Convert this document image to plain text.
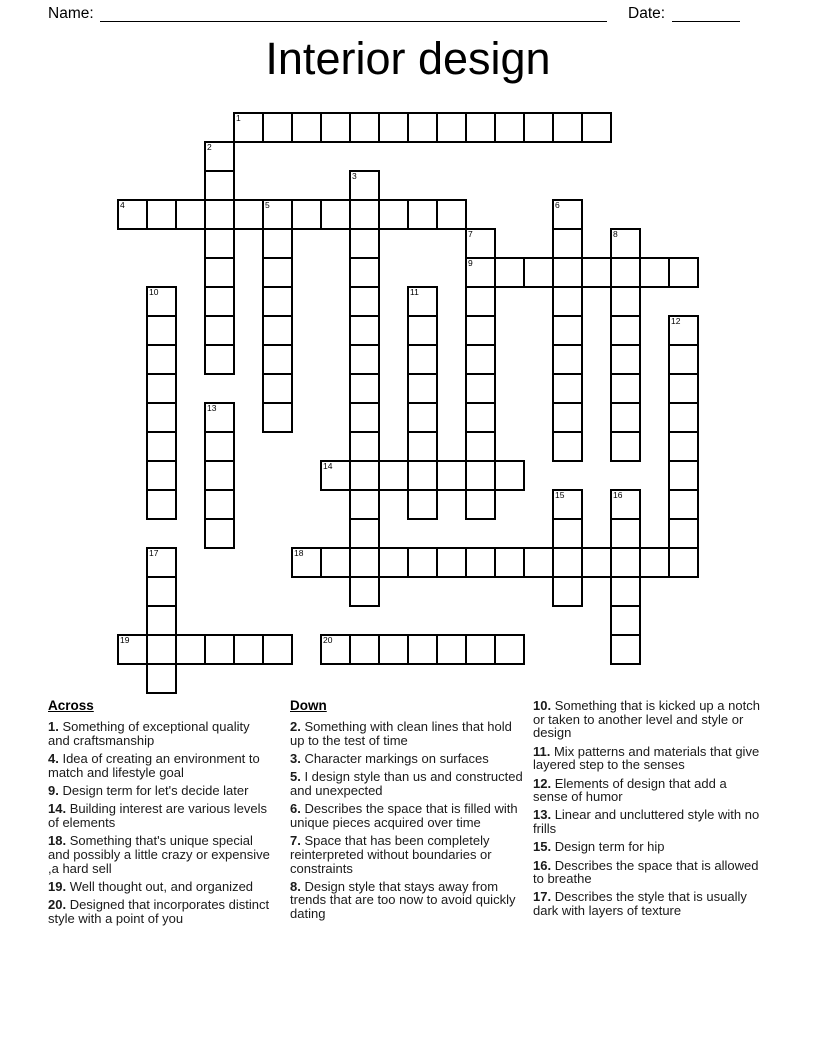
Name:	Date:
Interior design
1
2
3
4	5	6
7
9
8
10	11
12
13
14
15	16
17	18
19	20

Across

1. Something of exceptional quality and craftsmanship

4. Idea of creating an environment to match and lifestyle goal

9. Design term for let's decide later

14. Building interest are various levels of elements

18. Something that's unique special and possibly a little crazy or expensive ,a hard sell

19. Well thought out, and organized

20. Designed that incorporates distinct style with a point of you

Down

2. Something with clean lines that hold up to the test of time

3. Character markings on surfaces

5. I design style than us and constructed and unexpected

6. Describes the space that is filled with unique pieces acquired over time

7. Space that has been completely reinterpreted without boundaries or constraints

8. Design style that stays away from trends that are too now to avoid quickly dating

10. Something that is kicked up a notch or taken to another level and style or design

11. Mix patterns and materials that give layered step to the senses

12. Elements of design that add a sense of humor

13. Linear and uncluttered style with no frills

15. Design term for hip

16. Describes the space that is allowed to breathe

17. Describes the style that is usually dark with layers of texture
